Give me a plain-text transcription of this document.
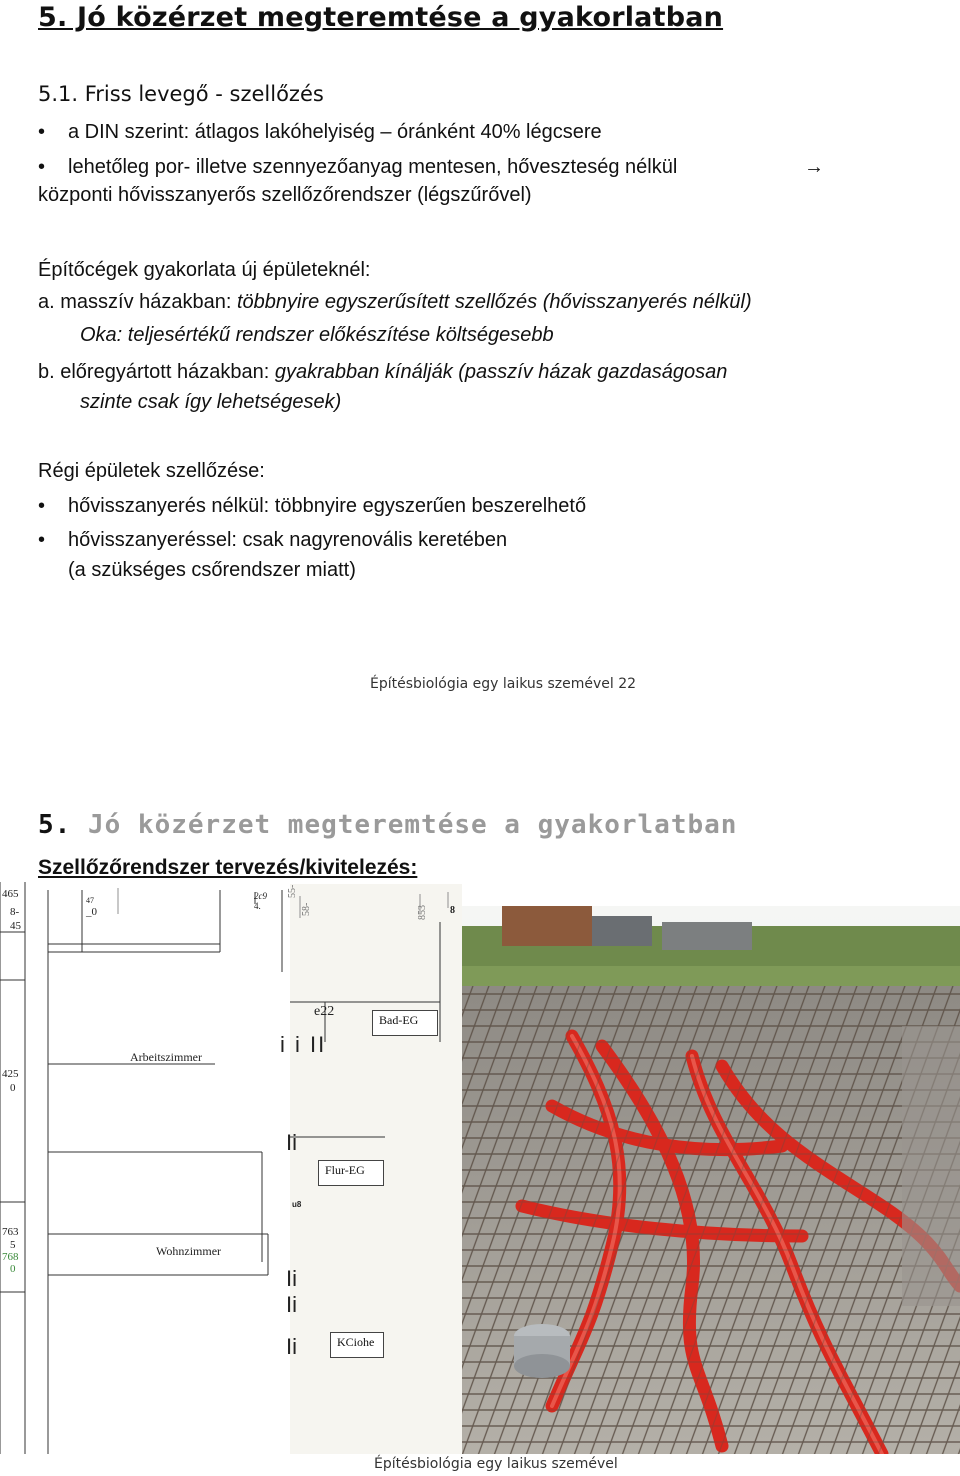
5. Jó közérzet megteremtése a gyakorlatban
5.1. Friss levegő - szellőzés
• a DIN szerint: átlagos lakóhelyiség – óránként 40% légcsere
• lehetőleg por- illetve szennyezőanyag mentesen, hőveszteség nélkül	→
központi hővisszanyerős szellőzőrendszer (légszűrővel)
Építőcégek gyakorlata új épületeknél:
a. masszív házakban: többnyire egyszerűsített szellőzés (hővisszanyerés nélkül)
Oka: teljesértékű rendszer előkészítése költségesebb
b. előregyártott házakban: gyakrabban kínálják (passzív házak gazdaságosan
szinte csak így lehetségesek)
Régi épületek szellőzése:
• hővisszanyerés nélkül: többnyire egyszerűen beszerelhető
• hővisszanyeréssel: csak nagyrenovális keretében
(a szükséges csőrendszer miatt)
Építésbiológia egy laikus szemével 22
5. Jó közérzet megteremtése a gyakorlatban
Szellőzőrendszer tervezés/kivitelezés:
465
8-
45
425
0
763
5
768
0
47
_0
2c9
4.
55-
58-	853 8
Bad-EG
Arbeitszimmer
Flur-EG
Wohnzimmer
KCiohe
e22
i i II
Ii
Ii
Ii
Ii
u8
Építésbiológia egy laikus szemével
